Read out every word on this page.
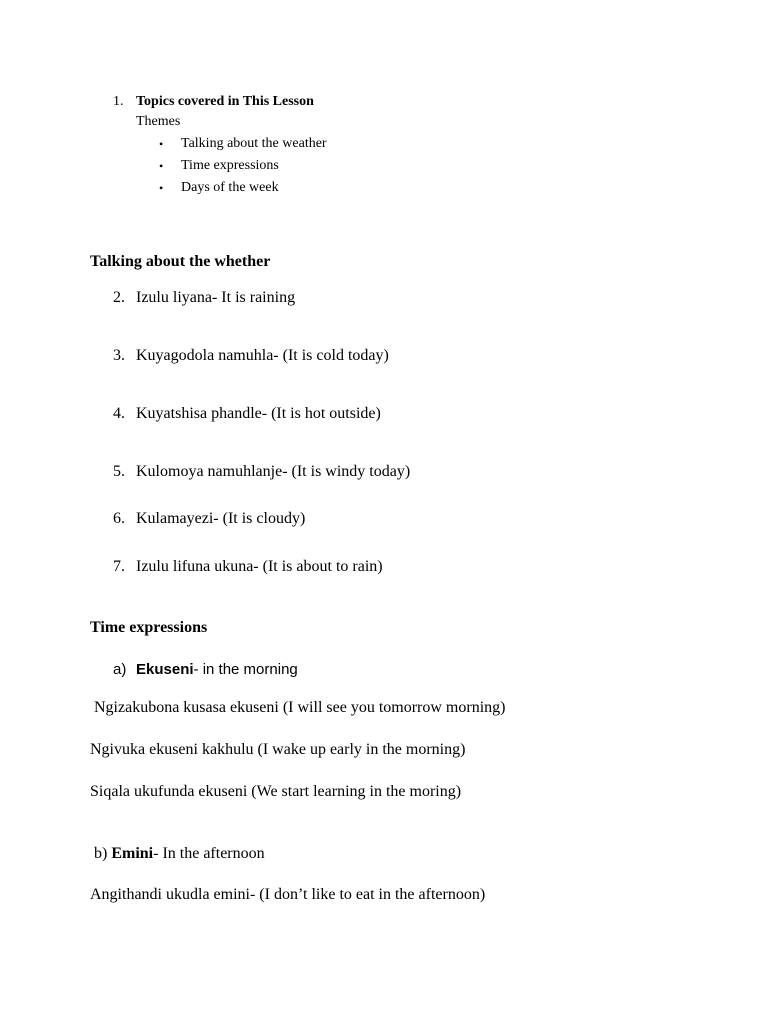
1. Topics covered in This Lesson
Themes
• Talking about the weather
• Time expressions
• Days of the week
Talking about the whether
2. Izulu liyana- It is raining
3. Kuyagodola namuhla- (It is cold today)
4. Kuyatshisa phandle- (It is hot outside)
5. Kulomoya namuhlanje- (It is windy today)
6. Kulamayezi- (It is cloudy)
7. Izulu lifuna ukuna- (It is about to rain)
Time expressions
a) Ekuseni- in the morning
Ngizakubona kusasa ekuseni (I will see you tomorrow morning)
Ngivuka ekuseni kakhulu (I wake up early in the morning)
Siqala ukufunda ekuseni (We start learning in the moring)
b) Emini- In the afternoon
Angithandi ukudla emini- (I don’t like to eat in the afternoon)
